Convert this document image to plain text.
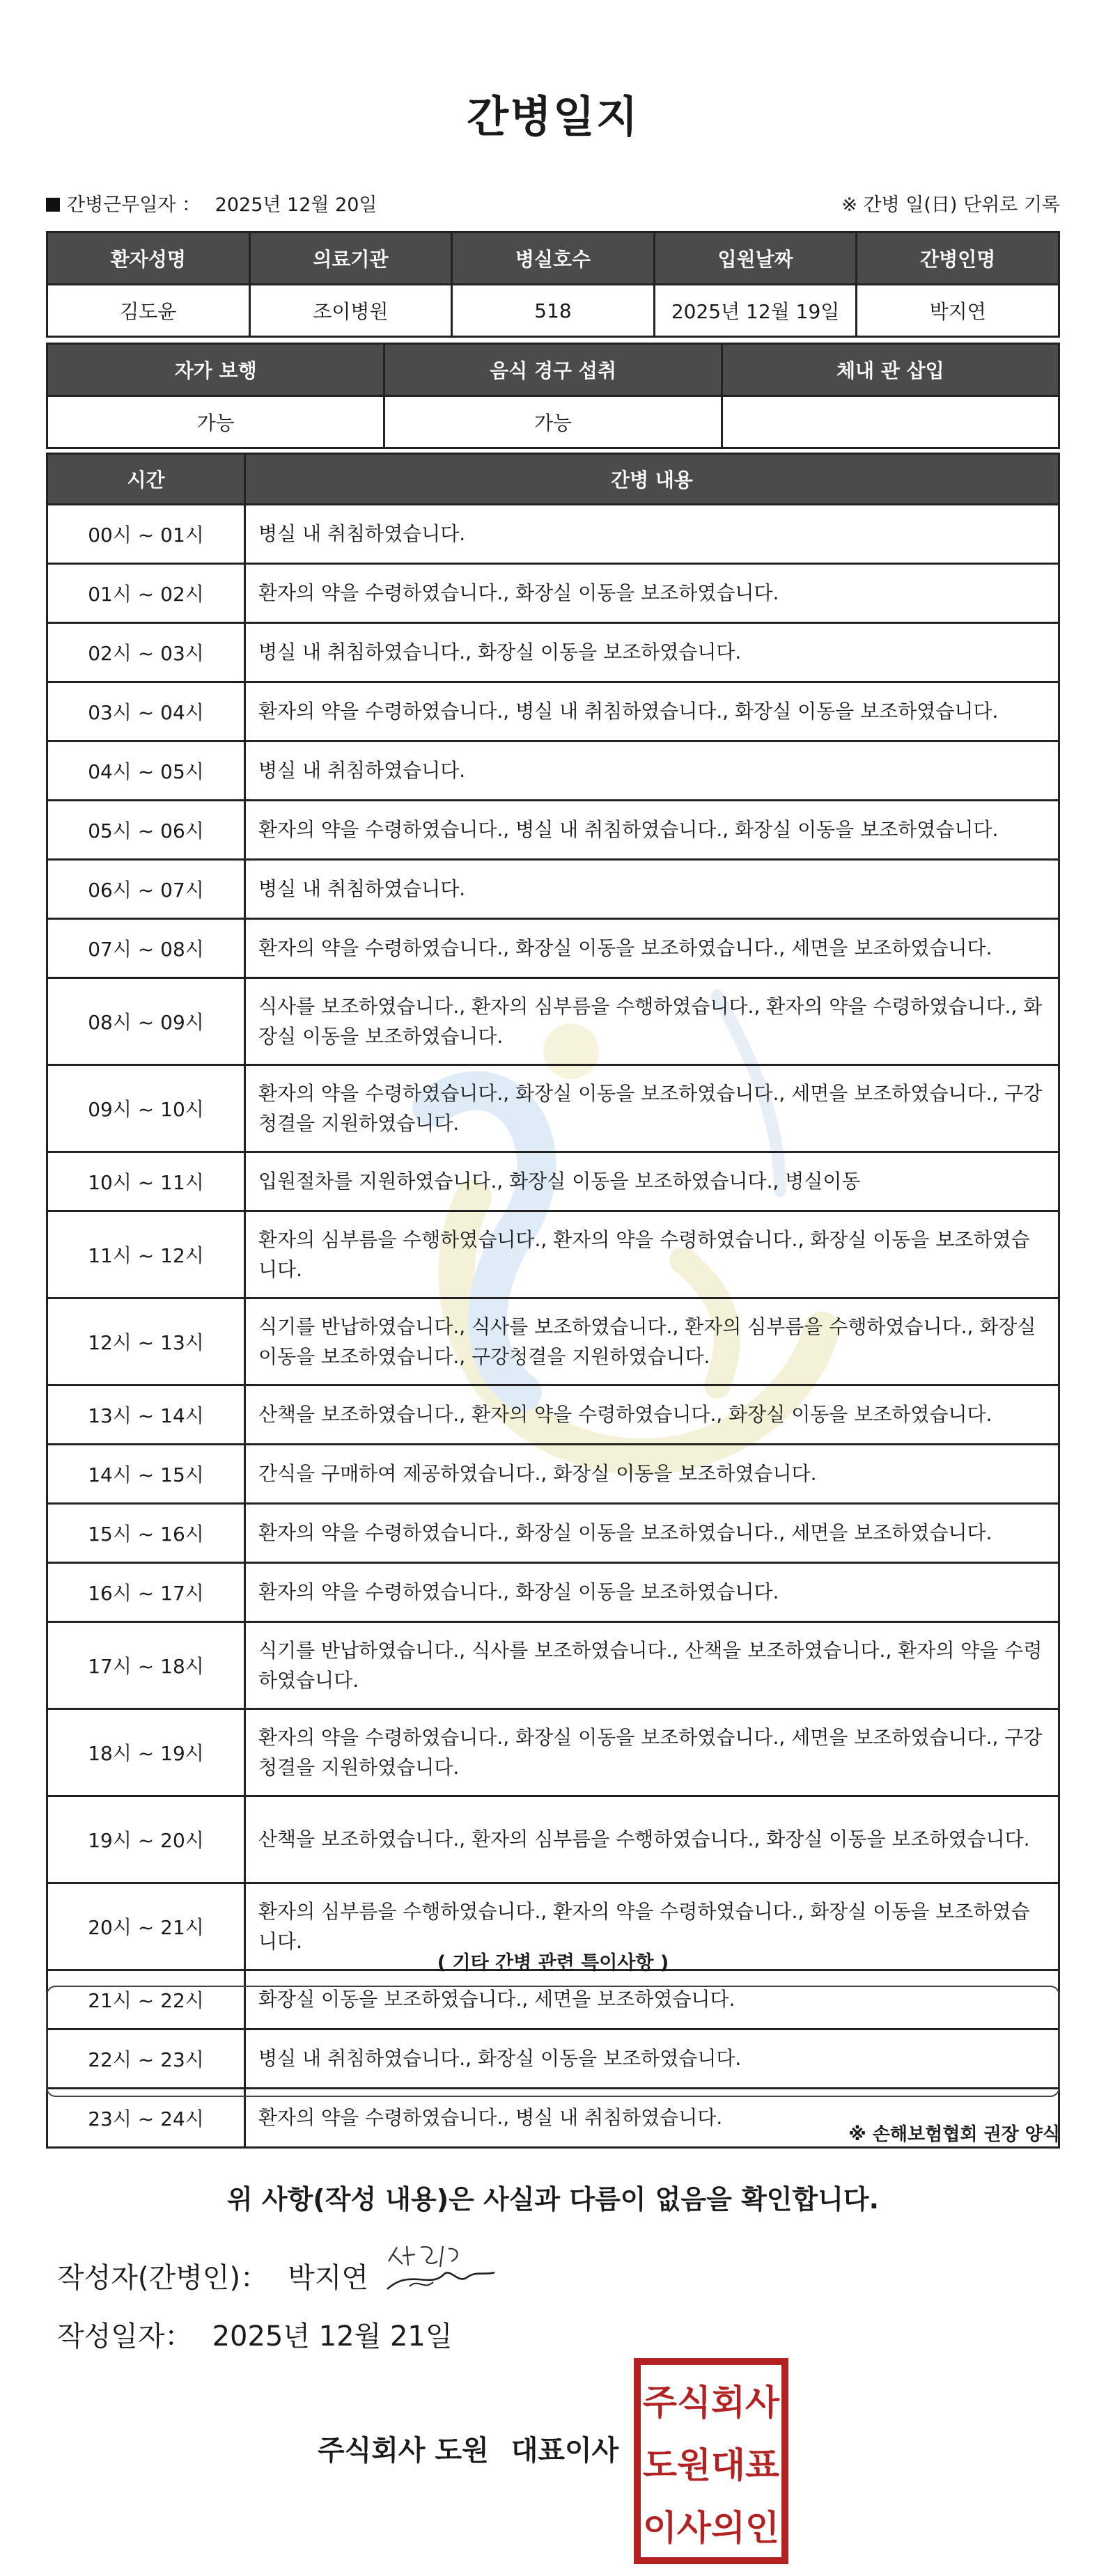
간병일지
간병근무일자 ： 2025년 12월 20일	※ 간병 일(日) 단위로 기록
환자성명	의료기관	병실호수	입원날짜	간병인명
김도윤	조이병원	518	2025년 12월 19일	박지연
자가 보행	음식 경구 섭취	체내 관 삽입
가능	가능	
시간	간병 내용
00시 ~ 01시	병실 내 취침하였습니다.
01시 ~ 02시	환자의 약을 수령하였습니다., 화장실 이동을 보조하였습니다.
02시 ~ 03시	병실 내 취침하였습니다., 화장실 이동을 보조하였습니다.
03시 ~ 04시	환자의 약을 수령하였습니다., 병실 내 취침하였습니다., 화장실 이동을 보조하였습니다.
04시 ~ 05시	병실 내 취침하였습니다.
05시 ~ 06시	환자의 약을 수령하였습니다., 병실 내 취침하였습니다., 화장실 이동을 보조하였습니다.
06시 ~ 07시	병실 내 취침하였습니다.
07시 ~ 08시	환자의 약을 수령하였습니다., 화장실 이동을 보조하였습니다., 세면을 보조하였습니다.
08시 ~ 09시	식사를 보조하였습니다., 환자의 심부름을 수행하였습니다., 환자의 약을 수령하였습니다., 화장실 이동을 보조하였습니다.
09시 ~ 10시	환자의 약을 수령하였습니다., 화장실 이동을 보조하였습니다., 세면을 보조하였습니다., 구강청결을 지원하였습니다.
10시 ~ 11시	입원절차를 지원하였습니다., 화장실 이동을 보조하였습니다., 병실이동
11시 ~ 12시	환자의 심부름을 수행하였습니다., 환자의 약을 수령하였습니다., 화장실 이동을 보조하였습니다.
12시 ~ 13시	식기를 반납하였습니다., 식사를 보조하였습니다., 환자의 심부름을 수행하였습니다., 화장실 이동을 보조하였습니다., 구강청결을 지원하였습니다.
13시 ~ 14시	산책을 보조하였습니다., 환자의 약을 수령하였습니다., 화장실 이동을 보조하였습니다.
14시 ~ 15시	간식을 구매하여 제공하였습니다., 화장실 이동을 보조하였습니다.
15시 ~ 16시	환자의 약을 수령하였습니다., 화장실 이동을 보조하였습니다., 세면을 보조하였습니다.
16시 ~ 17시	환자의 약을 수령하였습니다., 화장실 이동을 보조하였습니다.
17시 ~ 18시	식기를 반납하였습니다., 식사를 보조하였습니다., 산책을 보조하였습니다., 환자의 약을 수령하였습니다.
18시 ~ 19시	환자의 약을 수령하였습니다., 화장실 이동을 보조하였습니다., 세면을 보조하였습니다., 구강청결을 지원하였습니다.
19시 ~ 20시	산책을 보조하였습니다., 환자의 심부름을 수행하였습니다., 화장실 이동을 보조하였습니다.
20시 ~ 21시	환자의 심부름을 수행하였습니다., 환자의 약을 수령하였습니다., 화장실 이동을 보조하였습니다.
21시 ~ 22시	화장실 이동을 보조하였습니다., 세면을 보조하였습니다.
22시 ~ 23시	병실 내 취침하였습니다., 화장실 이동을 보조하였습니다.
23시 ~ 24시	환자의 약을 수령하였습니다., 병실 내 취침하였습니다.
( 기타 간병 관련 특이사항 )
※ 손해보험협회 권장 양식
위 사항(작성 내용)은 사실과 다름이 없음을 확인합니다.
작성자(간병인)： 박지연
작성일자： 2025년 12월 21일
주식회사 도원 대표이사
주식회사
도원대표
이사의인
